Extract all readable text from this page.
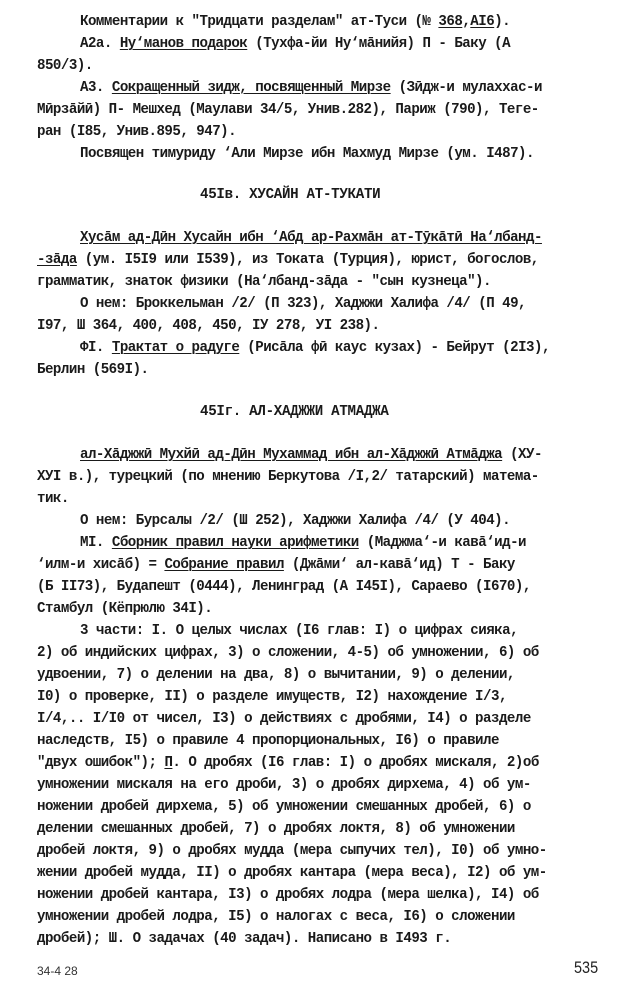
Комментарии к "Тридцати разделам" ат-Туси (№ 368,АI6).
А2а. Ну‘манов подарок (Тухфа-йи Ну‘мāнийя) П - Баку (А
850/3).
А3. Сокращенный зидж, посвященный Мирзе (Зӣдж-и мулаххас-и
Мӣрзāйӣ) П- Мешхед (Маулави 34/5, Унив.282), Париж (790), Теге-
ран (I85, Унив.895, 947).
Посвящен тимуриду ‘Али Мирзе ибн Махмуд Мирзе (ум. I487).
45Iв. ХУСАЙН АТ-ТУКАТИ
Хусāм ад-Дӣн Хусайн ибн ‘Абд ар-Рахмāн ат-Тӯкāтӣ На‘лбанд-
-зāда (ум. I5I9 или I539), из Токата (Турция), юрист, богослов,
грамматик, знаток физики (На‘лбанд-зāда - "сын кузнеца").
О нем: Броккельман /2/ (П 323), Хаджжи Халифа /4/ (П 49,
I97, Ш 364, 400, 408, 450, IУ 278, УI 238).
ФI. Трактат о радуге (Рисāла фӣ каус кузах) - Бейрут (2I3),
Берлин (569I).
45Iг. АЛ-ХАДЖЖИ АТМАДЖА
ал-Хāджжӣ Мухйӣ ад-Дӣн Мухаммад ибн ал-Хāджжӣ Атмāджа (ХУ-
ХУI в.), турецкий (по мнению Беркутова /I,2/ татарский) матема-
тик.
О нем: Бурсалы /2/ (Ш 252), Хаджжи Халифа /4/ (У 404).
МI. Сборник правил науки арифметики (Маджма‘-и кавā‘ид-и
‘илм-и хисāб) = Собрание правил (Джāми‘ ал-кавā‘ид) Т - Баку
(Б II73), Будапешт (0444), Ленинград (А I45I), Сараево (I670),
Стамбул (Кёпрюлю 34I).
3 части: I. О целых числах (I6 глав: I) о цифрах сияка,
2) об индийских цифрах, 3) о сложении, 4-5) об умножении, 6) об
удвоении, 7) о делении на два, 8) о вычитании, 9) о делении,
I0) о проверке, II) о разделе имуществ, I2) нахождение I/3,
I/4,.. I/I0 от чисел, I3) о действиях с дробями, I4) о разделе
наследств, I5) о правиле 4 пропорциональных, I6) о правиле
"двух ошибок"); П. О дробях (I6 глав: I) о дробях мискаля, 2)об
умножении мискаля на его дроби, 3) о дробях дирхема, 4) об ум-
ножении дробей дирхема, 5) об умножении смешанных дробей, 6) о
делении смешанных дробей, 7) о дробях локтя, 8) об умножении
дробей локтя, 9) о дробях мудда (мера сыпучих тел), I0) об умно-
жении дробей мудда, II) о дробях кантара (мера веса), I2) об ум-
ножении дробей кантара, I3) о дробях лодра (мера шелка), I4) об
умножении дробей лодра, I5) о налогах с веса, I6) о сложении
дробей); Ш. О задачах (40 задач). Написано в I493 г.
34-4 28	535
